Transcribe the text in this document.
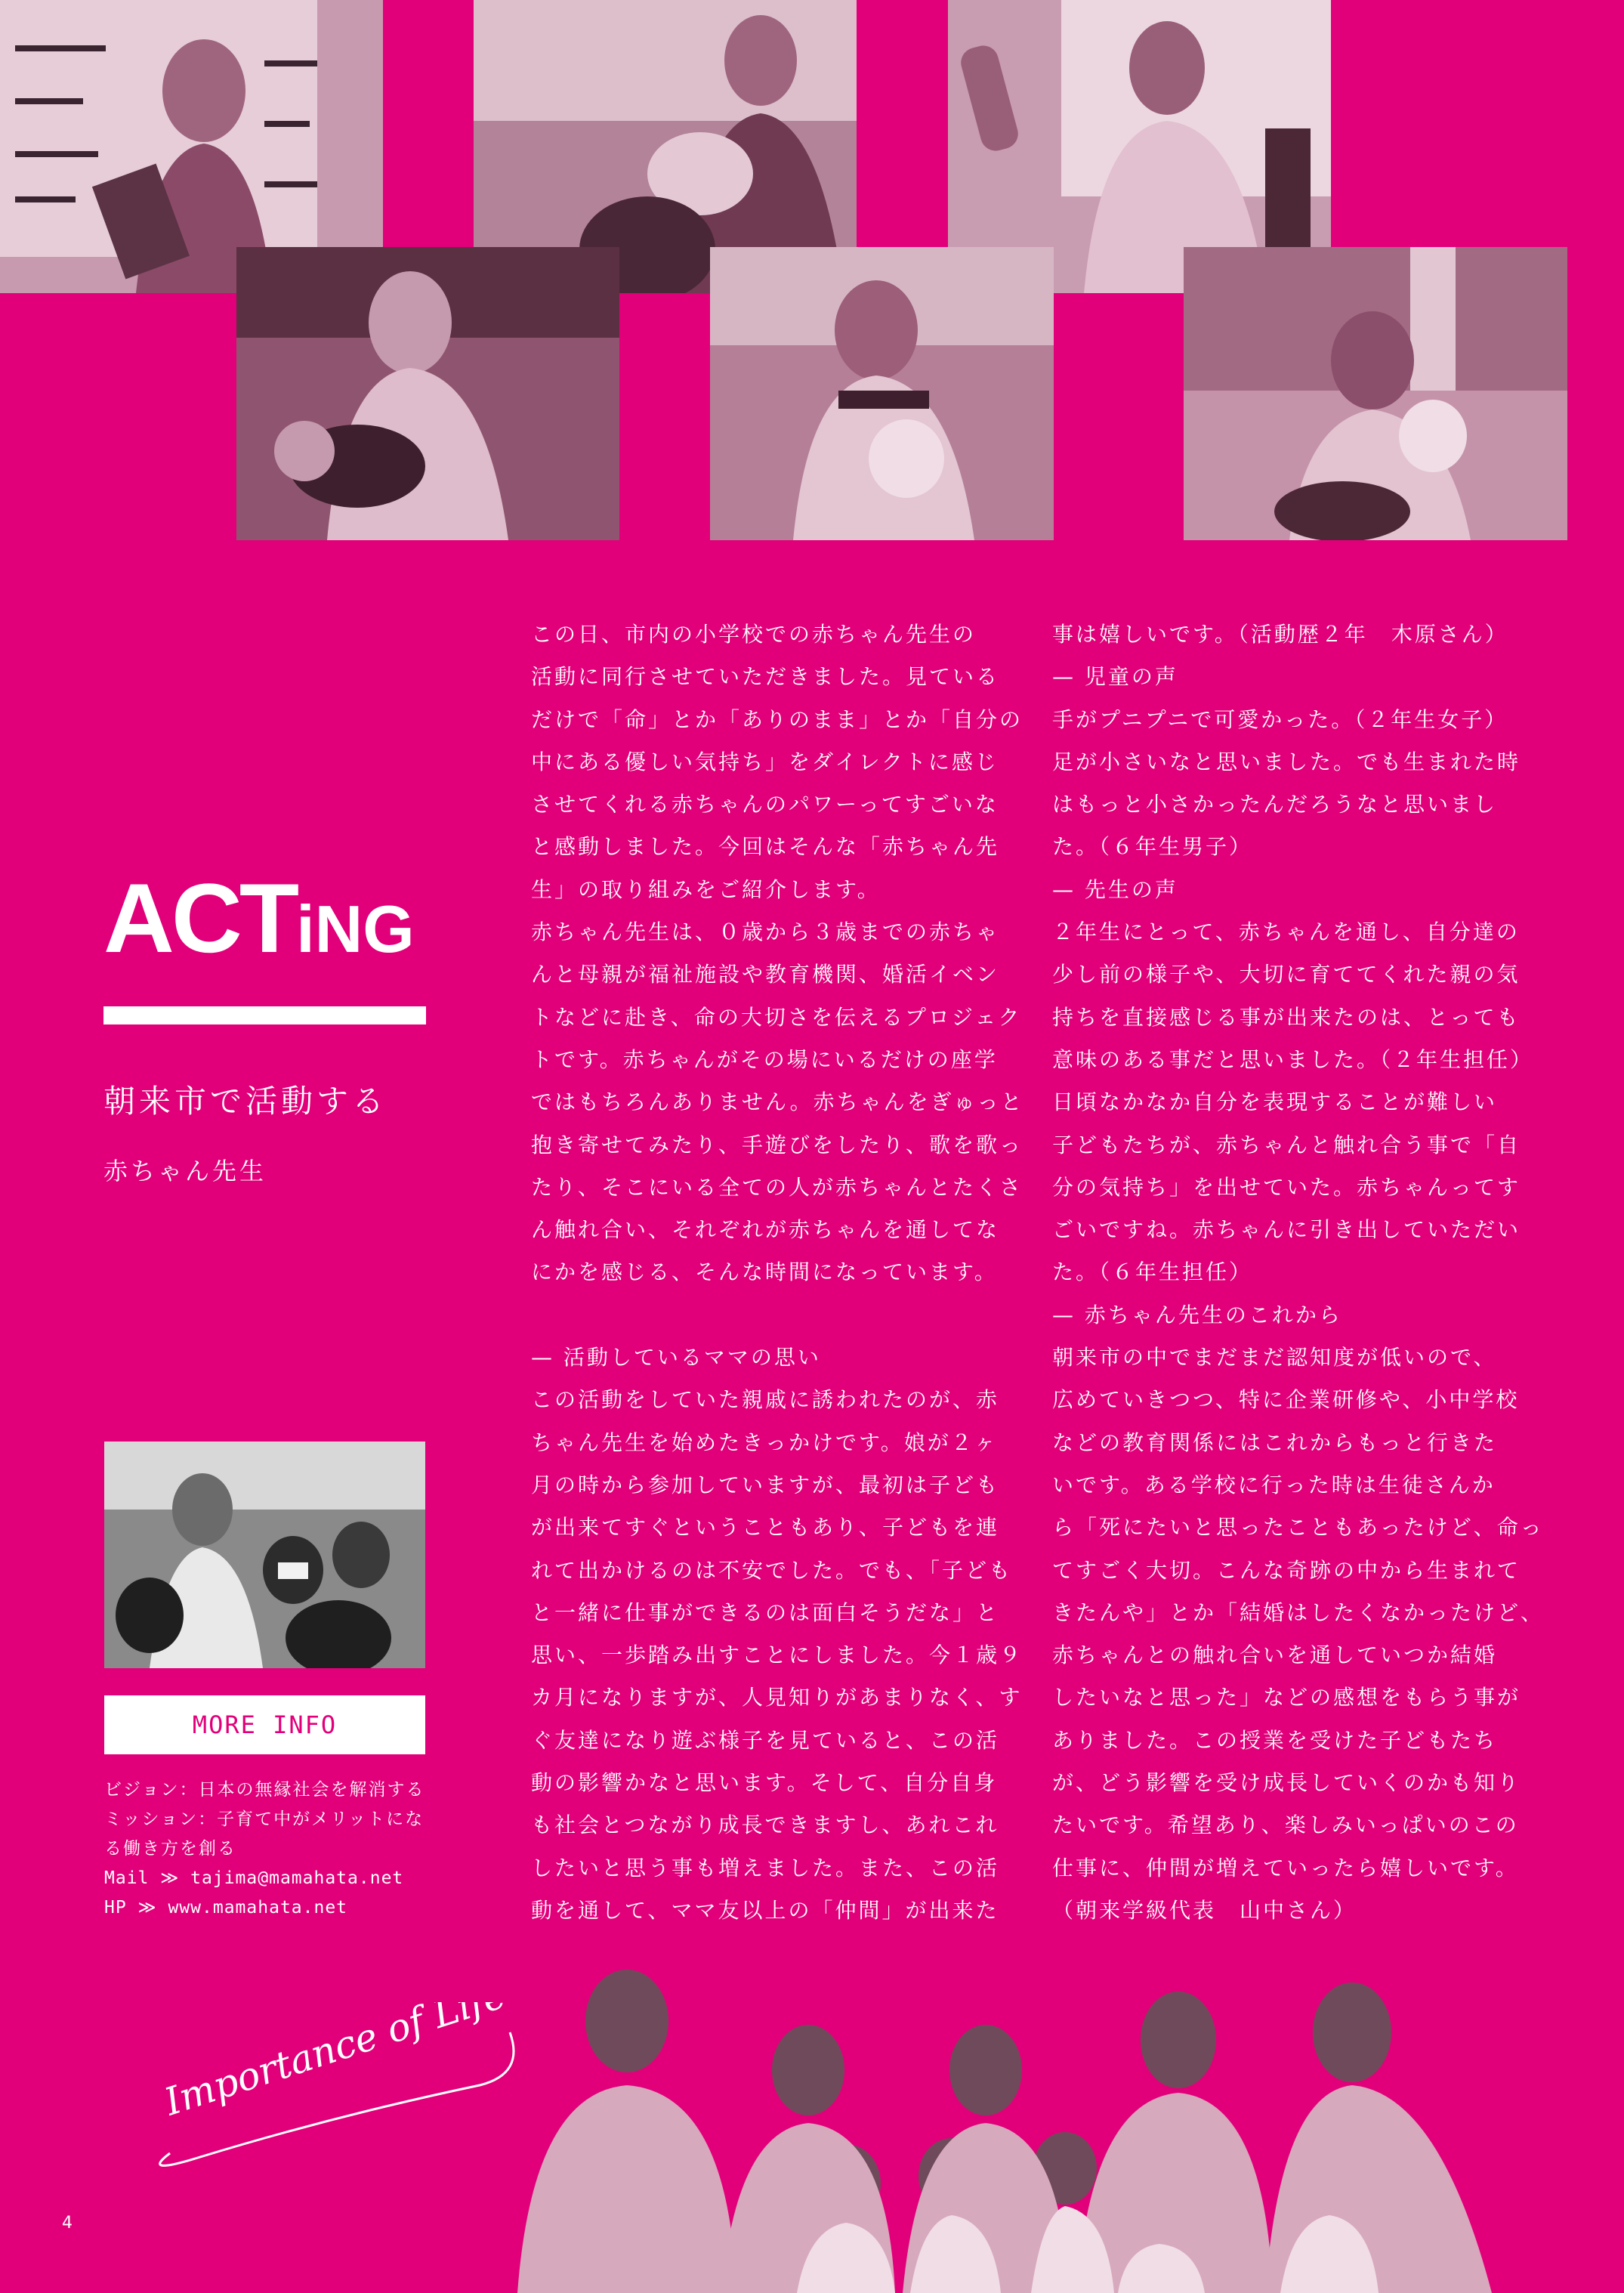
ACTiNG
朝来市で活動する
赤ちゃん先生

この日、市内の小学校での赤ちゃん先生の

活動に同行させていただきました。見ている

だけで「命」とか「ありのまま」とか「自分の

中にある優しい気持ち」をダイレクトに感じ

させてくれる赤ちゃんのパワーってすごいな

と感動しました。今回はそんな「赤ちゃん先

生」の取り組みをご紹介します。

赤ちゃん先生は、０歳から３歳までの赤ちゃ

んと母親が福祉施設や教育機関、婚活イベン

トなどに赴き、命の大切さを伝えるプロジェク

トです。赤ちゃんがその場にいるだけの座学

ではもちろんありません。赤ちゃんをぎゅっと

抱き寄せてみたり、手遊びをしたり、歌を歌っ

たり、そこにいる全ての人が赤ちゃんとたくさ

ん触れ合い、それぞれが赤ちゃんを通してな

にかを感じる、そんな時間になっています。

— 活動しているママの思い

この活動をしていた親戚に誘われたのが、赤

ちゃん先生を始めたきっかけです。娘が２ヶ

月の時から参加していますが、最初は子ども

が出来てすぐということもあり、子どもを連

れて出かけるのは不安でした。でも、「子ども

と一緒に仕事ができるのは面白そうだな」と

思い、一歩踏み出すことにしました。今１歳９

カ月になりますが、人見知りがあまりなく、す

ぐ友達になり遊ぶ様子を見ていると、この活

動の影響かなと思います。そして、自分自身

も社会とつながり成長できますし、あれこれ

したいと思う事も増えました。また、この活

動を通して、ママ友以上の「仲間」が出来た

事は嬉しいです。（活動歴２年　木原さん）

— 児童の声

手がプニプニで可愛かった。（２年生女子）

足が小さいなと思いました。でも生まれた時

はもっと小さかったんだろうなと思いまし

た。（６年生男子）

— 先生の声

２年生にとって、赤ちゃんを通し、自分達の

少し前の様子や、大切に育ててくれた親の気

持ちを直接感じる事が出来たのは、とっても

意味のある事だと思いました。（２年生担任）

日頃なかなか自分を表現することが難しい

子どもたちが、赤ちゃんと触れ合う事で「自

分の気持ち」を出せていた。赤ちゃんってす

ごいですね。赤ちゃんに引き出していただい

た。（６年生担任）

— 赤ちゃん先生のこれから

朝来市の中でまだまだ認知度が低いので、

広めていきつつ、特に企業研修や、小中学校

などの教育関係にはこれからもっと行きた

いです。ある学校に行った時は生徒さんか

ら「死にたいと思ったこともあったけど、命っ

てすごく大切。こんな奇跡の中から生まれて

きたんや」とか「結婚はしたくなかったけど、

赤ちゃんとの触れ合いを通していつか結婚

したいなと思った」などの感想をもらう事が

ありました。この授業を受けた子どもたち

が、どう影響を受け成長していくのかも知り

たいです。希望あり、楽しみいっぱいのこの

仕事に、仲間が増えていったら嬉しいです。

（朝来学級代表　山中さん）

MORE INFO

ビジョン：日本の無縁社会を解消する

ミッション：子育て中がメリットにな

る働き方を創る

Mail ≫ tajima@mamahata.net

HP ≫ www.mamahata.net

Importance of Life
4
